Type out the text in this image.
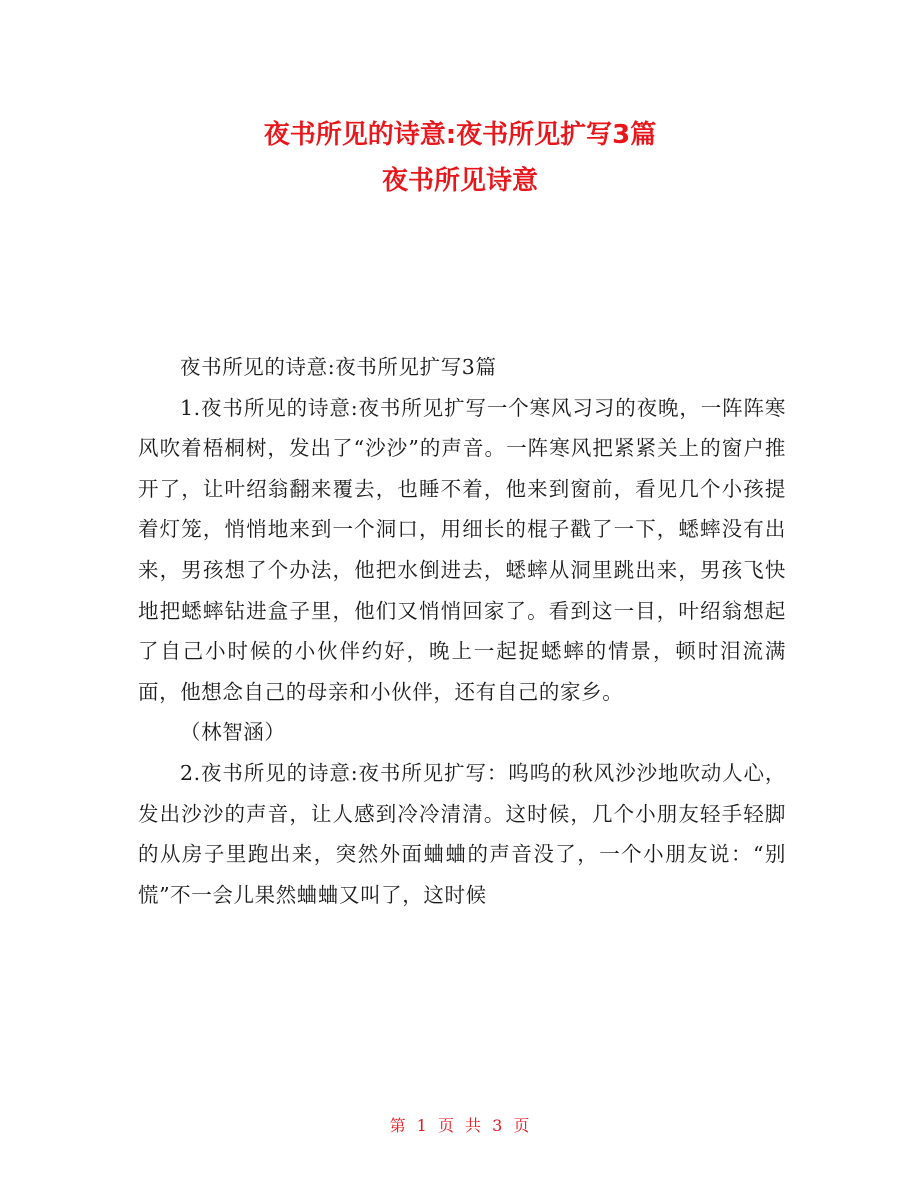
夜书所见的诗意:夜书所见扩写3篇
夜书所见诗意

夜书所见的诗意:夜书所见扩写3篇

1.夜书所见的诗意:夜书所见扩写一个寒风习习的夜晚，一阵阵寒风吹着梧桐树，发出了“沙沙”的声音。一阵寒风把紧紧关上的窗户推开了，让叶绍翁翻来覆去，也睡不着，他来到窗前，看见几个小孩提着灯笼，悄悄地来到一个洞口，用细长的棍子戳了一下，蟋蟀没有出来，男孩想了个办法，他把水倒进去，蟋蟀从洞里跳出来，男孩飞快地把蟋蟀钻进盒子里，他们又悄悄回家了。看到这一目，叶绍翁想起了自己小时候的小伙伴约好，晚上一起捉蟋蟀的情景，顿时泪流满面，他想念自己的母亲和小伙伴，还有自己的家乡。

（林智涵）

2.夜书所见的诗意:夜书所见扩写：呜呜的秋风沙沙地吹动人心，发出沙沙的声音，让人感到冷冷清清。这时候，几个小朋友轻手轻脚的从房子里跑出来，突然外面蛐蛐的声音没了，一个小朋友说：“别慌”不一会儿果然蛐蛐又叫了，这时候

第 1 页 共 3 页
